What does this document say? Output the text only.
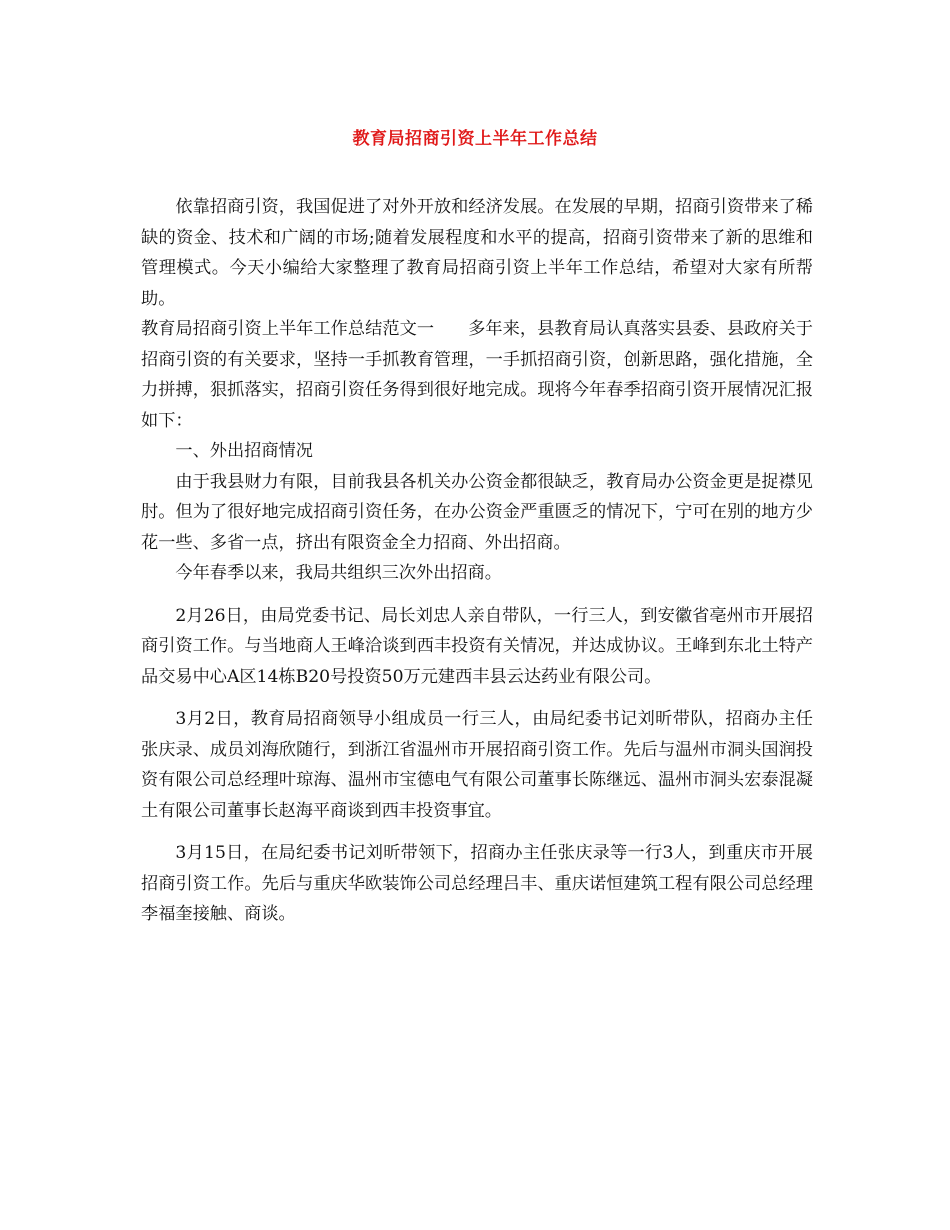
教育局招商引资上半年工作总结

依靠招商引资，我国促进了对外开放和经济发展。在发展的早期，招商引资带来了稀缺的资金、技术和广阔的市场;随着发展程度和水平的提高，招商引资带来了新的思维和管理模式。今天小编给大家整理了教育局招商引资上半年工作总结，希望对大家有所帮助。

教育局招商引资上半年工作总结范文一 多年来，县教育局认真落实县委、县政府关于招商引资的有关要求，坚持一手抓教育管理，一手抓招商引资，创新思路，强化措施，全力拼搏，狠抓落实，招商引资任务得到很好地完成。现将今年春季招商引资开展情况汇报如下：

一、外出招商情况

由于我县财力有限，目前我县各机关办公资金都很缺乏，教育局办公资金更是捉襟见肘。但为了很好地完成招商引资任务，在办公资金严重匮乏的情况下，宁可在别的地方少花一些、多省一点，挤出有限资金全力招商、外出招商。

今年春季以来，我局共组织三次外出招商。

2月26日，由局党委书记、局长刘忠人亲自带队，一行三人，到安徽省亳州市开展招商引资工作。与当地商人王峰洽谈到西丰投资有关情况，并达成协议。王峰到东北土特产品交易中心A区14栋B20号投资50万元建西丰县云达药业有限公司。

3月2日，教育局招商领导小组成员一行三人，由局纪委书记刘昕带队，招商办主任张庆录、成员刘海欣随行，到浙江省温州市开展招商引资工作。先后与温州市洞头国润投资有限公司总经理叶琼海、温州市宝德电气有限公司董事长陈继远、温州市洞头宏泰混凝土有限公司董事长赵海平商谈到西丰投资事宜。

3月15日，在局纪委书记刘昕带领下，招商办主任张庆录等一行3人，到重庆市开展招商引资工作。先后与重庆华欧装饰公司总经理吕丰、重庆诺恒建筑工程有限公司总经理李福奎接触、商谈。
